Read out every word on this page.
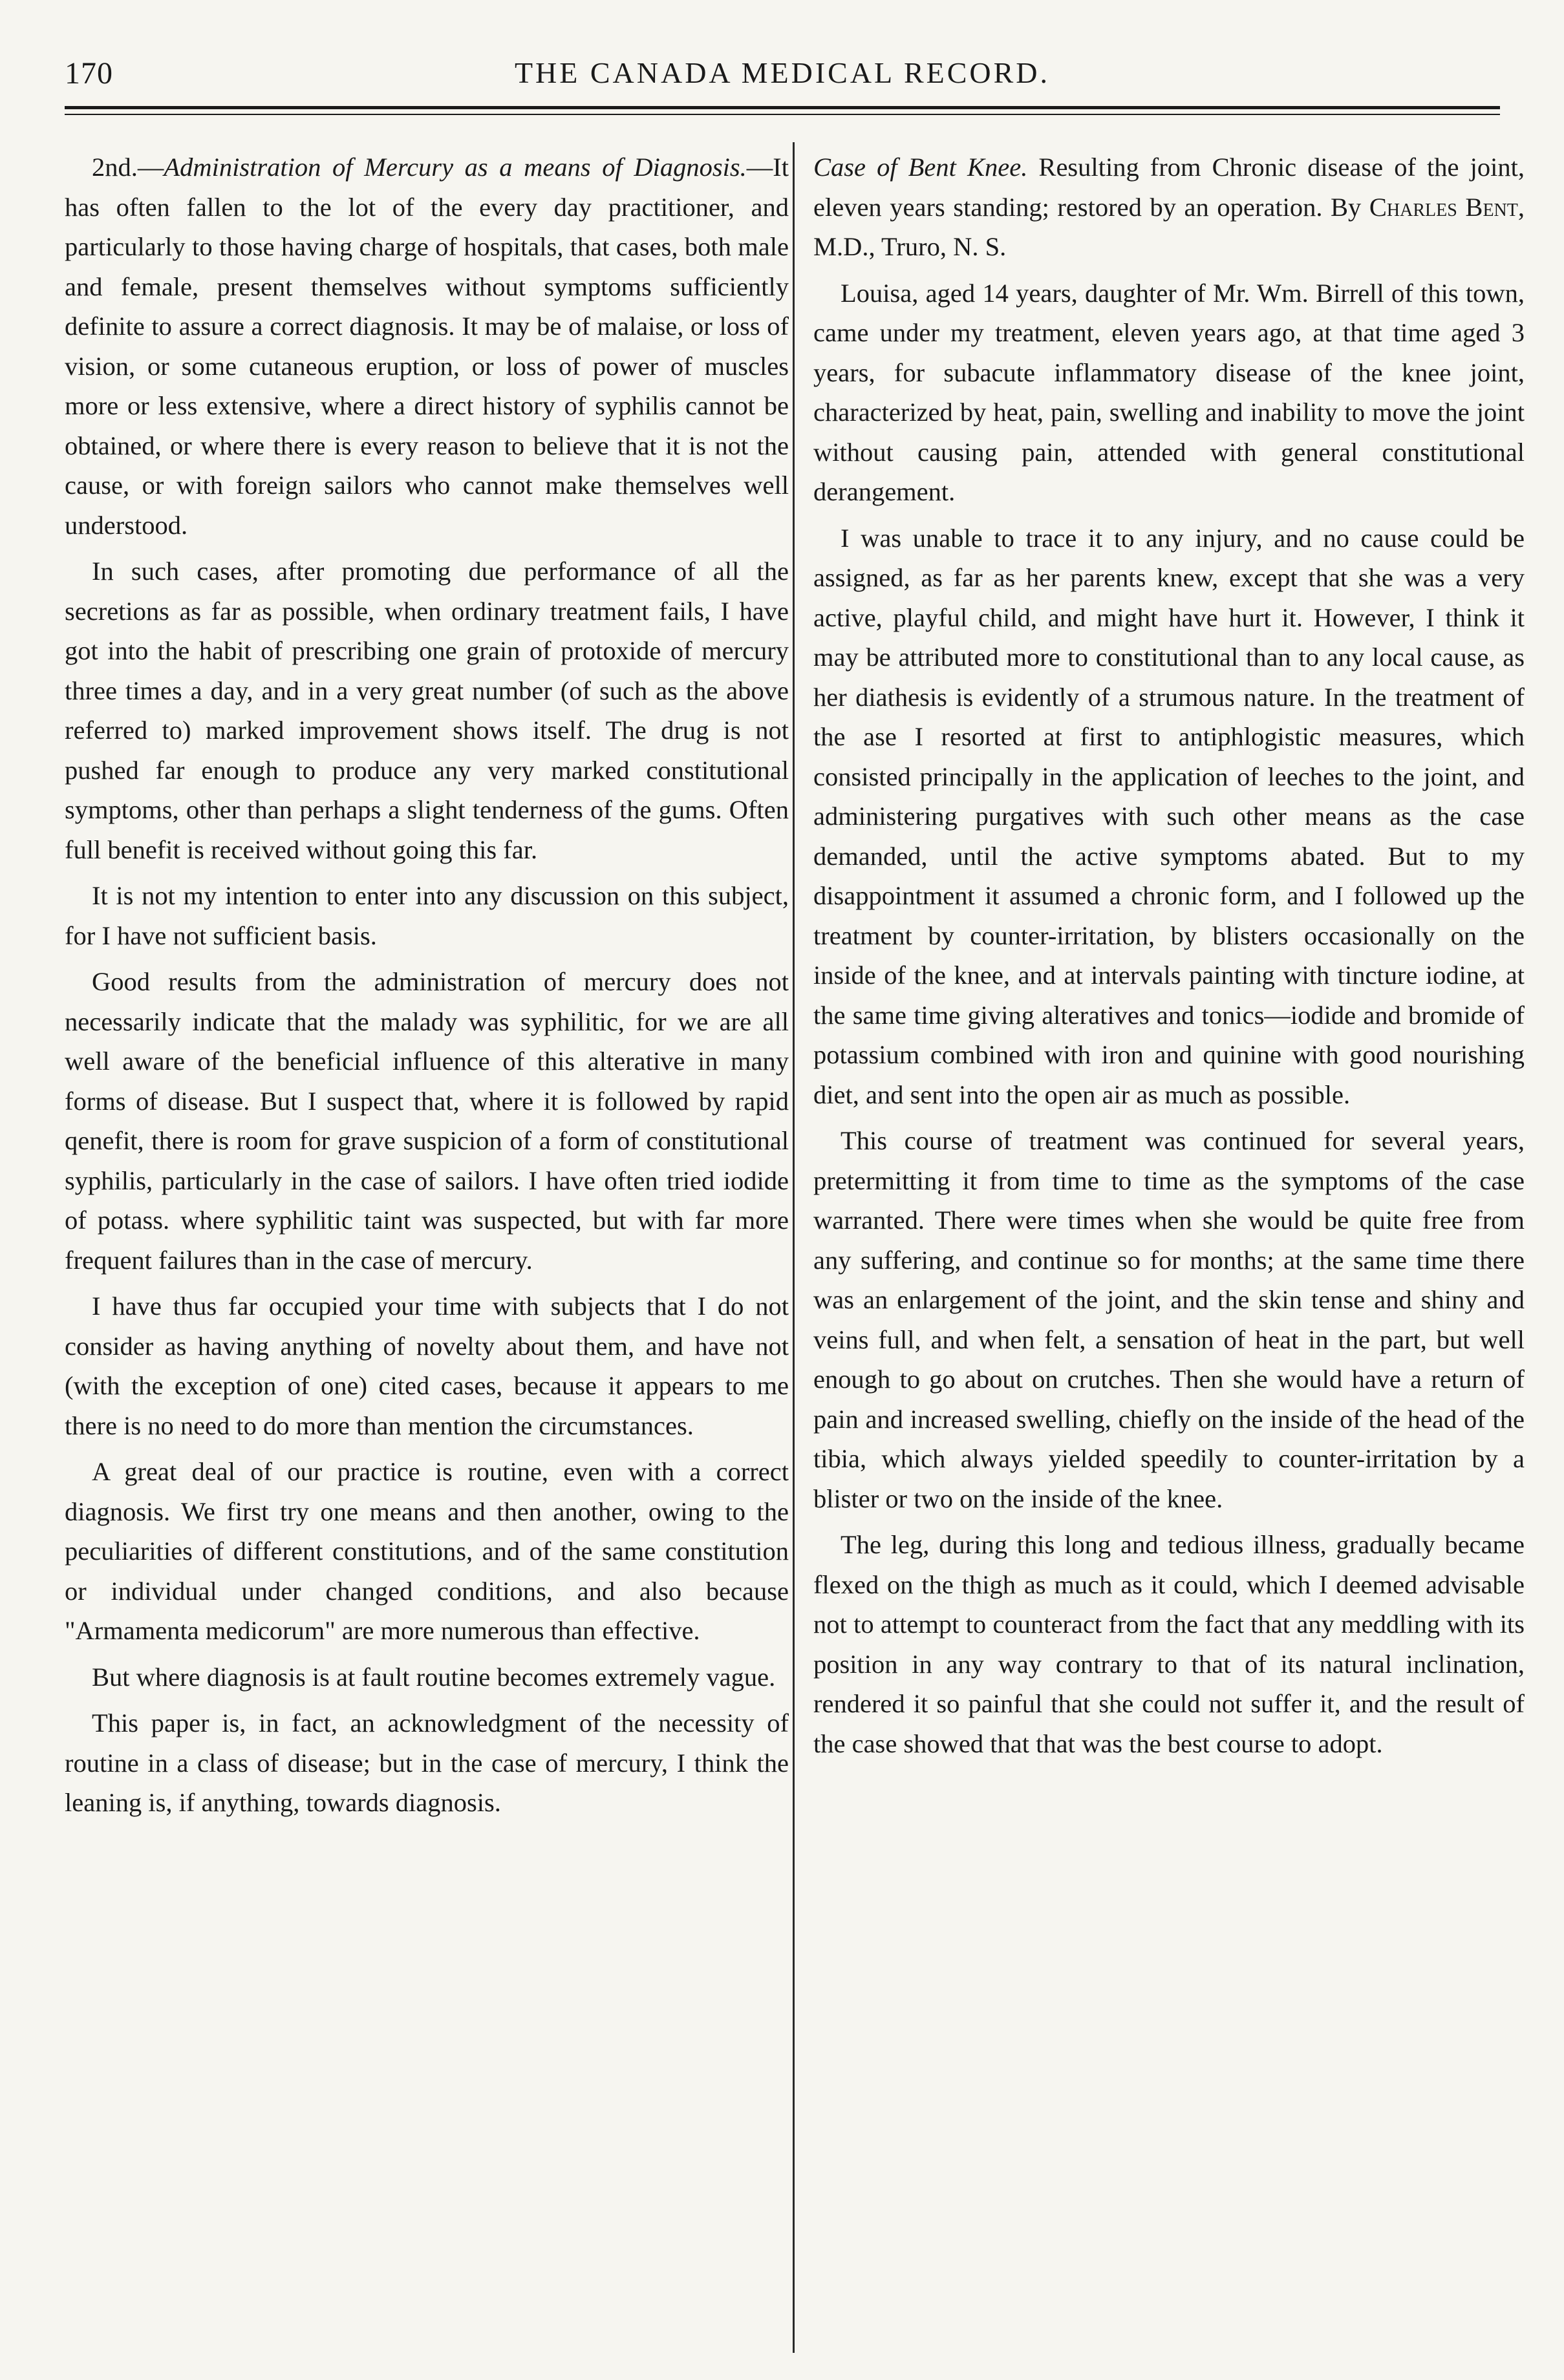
170	THE CANADA MEDICAL RECORD.

2nd.—Administration of Mercury as a means of Diagnosis.—It has often fallen to the lot of the every day practitioner, and particularly to those having charge of hospitals, that cases, both male and female, present themselves without symptoms sufficiently definite to assure a correct diagnosis. It may be of malaise, or loss of vision, or some cutaneous eruption, or loss of power of muscles more or less extensive, where a direct history of syphilis cannot be obtained, or where there is every reason to believe that it is not the cause, or with foreign sailors who cannot make themselves well understood.

In such cases, after promoting due performance of all the secretions as far as possible, when ordinary treatment fails, I have got into the habit of prescribing one grain of protoxide of mercury three times a day, and in a very great number (of such as the above referred to) marked improvement shows itself. The drug is not pushed far enough to produce any very marked constitutional symptoms, other than perhaps a slight tenderness of the gums. Often full benefit is received without going this far.

It is not my intention to enter into any discussion on this subject, for I have not sufficient basis.

Good results from the administration of mercury does not necessarily indicate that the malady was syphilitic, for we are all well aware of the beneficial influence of this alterative in many forms of disease. But I suspect that, where it is followed by rapid qenefit, there is room for grave suspicion of a form of constitutional syphilis, particularly in the case of sailors. I have often tried iodide of potass. where syphilitic taint was suspected, but with far more frequent failures than in the case of mercury.

I have thus far occupied your time with subjects that I do not consider as having anything of novelty about them, and have not (with the exception of one) cited cases, because it appears to me there is no need to do more than mention the circumstances.

A great deal of our practice is routine, even with a correct diagnosis. We first try one means and then another, owing to the peculiarities of different constitutions, and of the same constitution or individual under changed conditions, and also because "Armamenta medicorum" are more numerous than effective.

But where diagnosis is at fault routine becomes extremely vague.

This paper is, in fact, an acknowledgment of the necessity of routine in a class of disease; but in the case of mercury, I think the leaning is, if anything, towards diagnosis.

Case of Bent Knee. Resulting from Chronic disease of the joint, eleven years standing; restored by an operation. By Charles Bent, M.D., Truro, N. S.

Louisa, aged 14 years, daughter of Mr. Wm. Birrell of this town, came under my treatment, eleven years ago, at that time aged 3 years, for subacute inflammatory disease of the knee joint, characterized by heat, pain, swelling and inability to move the joint without causing pain, attended with general constitutional derangement.

I was unable to trace it to any injury, and no cause could be assigned, as far as her parents knew, except that she was a very active, playful child, and might have hurt it. However, I think it may be attributed more to constitutional than to any local cause, as her diathesis is evidently of a strumous nature. In the treatment of the ase I resorted at first to antiphlogistic measures, which consisted principally in the application of leeches to the joint, and administering purgatives with such other means as the case demanded, until the active symptoms abated. But to my disappointment it assumed a chronic form, and I followed up the treatment by counter-irritation, by blisters occasionally on the inside of the knee, and at intervals painting with tincture iodine, at the same time giving alteratives and tonics—iodide and bromide of potassium combined with iron and quinine with good nourishing diet, and sent into the open air as much as possible.

This course of treatment was continued for several years, pretermitting it from time to time as the symptoms of the case warranted. There were times when she would be quite free from any suffering, and continue so for months; at the same time there was an enlargement of the joint, and the skin tense and shiny and veins full, and when felt, a sensation of heat in the part, but well enough to go about on crutches. Then she would have a return of pain and increased swelling, chiefly on the inside of the head of the tibia, which always yielded speedily to counter-irritation by a blister or two on the inside of the knee.

The leg, during this long and tedious illness, gradually became flexed on the thigh as much as it could, which I deemed advisable not to attempt to counteract from the fact that any meddling with its position in any way contrary to that of its natural inclination, rendered it so painful that she could not suffer it, and the result of the case showed that that was the best course to adopt.
